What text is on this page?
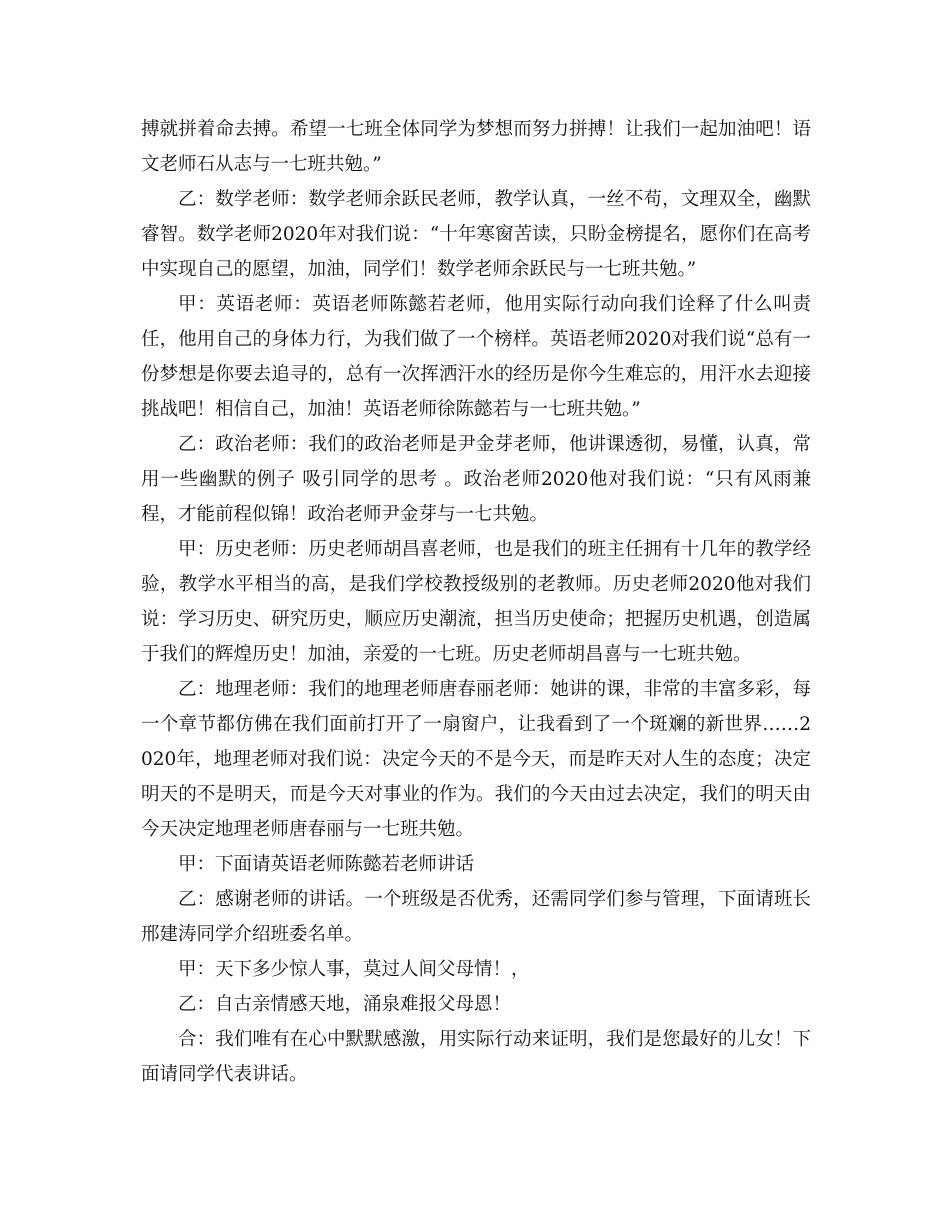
搏就拼着命去搏。希望一七班全体同学为梦想而努力拼搏！让我们一起加油吧！语文老师石从志与一七班共勉。”

乙：数学老师：数学老师余跃民老师，教学认真，一丝不苟，文理双全，幽默睿智。数学老师2020年对我们说：“十年寒窗苦读，只盼金榜提名，愿你们在高考中实现自己的愿望，加油，同学们！数学老师余跃民与一七班共勉。”

甲：英语老师：英语老师陈懿若老师，他用实际行动向我们诠释了什么叫责任，他用自己的身体力行，为我们做了一个榜样。英语老师2020对我们说“总有一份梦想是你要去追寻的，总有一次挥洒汗水的经历是你今生难忘的，用汗水去迎接挑战吧！相信自己，加油！英语老师徐陈懿若与一七班共勉。”

乙：政治老师：我们的政治老师是尹金芽老师，他讲课透彻，易懂，认真，常用一些幽默的例子 吸引同学的思考 。政治老师2020他对我们说：“只有风雨兼程，才能前程似锦！政治老师尹金芽与一七共勉。

甲：历史老师：历史老师胡昌喜老师，也是我们的班主任拥有十几年的教学经验，教学水平相当的高，是我们学校教授级别的老教师。历史老师2020他对我们说：学习历史、研究历史，顺应历史潮流，担当历史使命；把握历史机遇，创造属于我们的辉煌历史！加油，亲爱的一七班。历史老师胡昌喜与一七班共勉。

乙：地理老师：我们的地理老师唐春丽老师：她讲的课，非常的丰富多彩，每一个章节都仿佛在我们面前打开了一扇窗户，让我看到了一个斑斓的新世界……2020年，地理老师对我们说：决定今天的不是今天，而是昨天对人生的态度；决定明天的不是明天，而是今天对事业的作为。我们的今天由过去决定，我们的明天由今天决定地理老师唐春丽与一七班共勉。

甲：下面请英语老师陈懿若老师讲话

乙：感谢老师的讲话。一个班级是否优秀，还需同学们参与管理，下面请班长邢建涛同学介绍班委名单。

甲：天下多少惊人事，莫过人间父母情！，

乙：自古亲情感天地，涌泉难报父母恩！

合：我们唯有在心中默默感激，用实际行动来证明，我们是您最好的儿女！下面请同学代表讲话。
